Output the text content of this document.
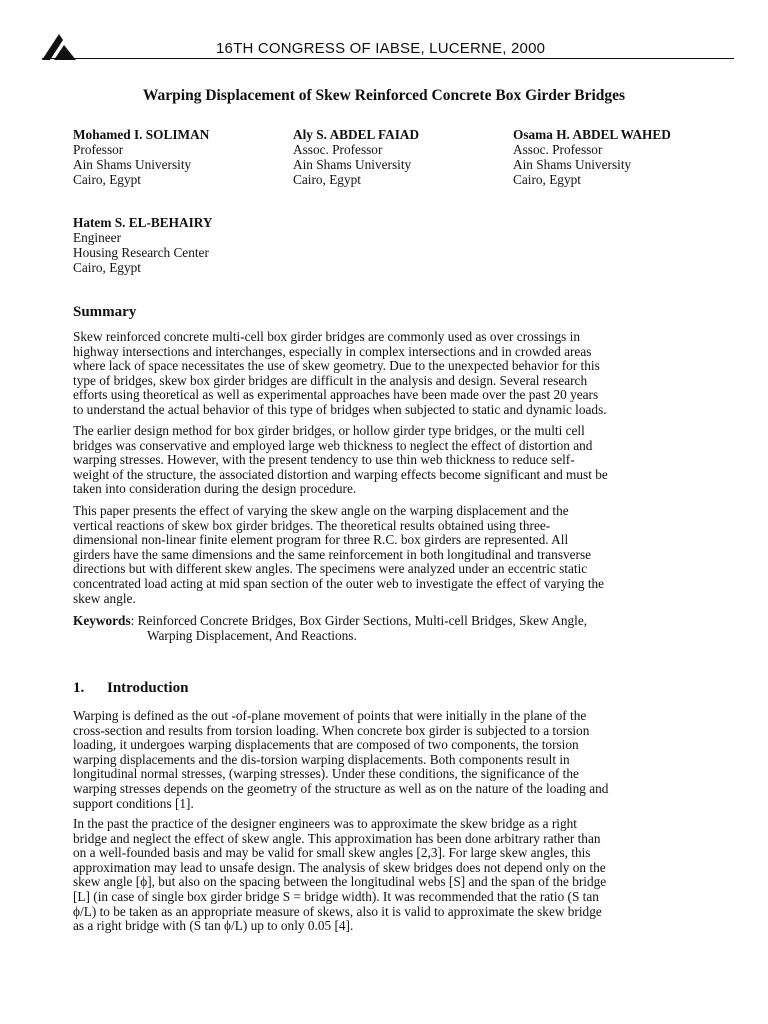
16TH CONGRESS OF IABSE, LUCERNE, 2000
Warping Displacement of Skew Reinforced Concrete Box Girder Bridges
Mohamed I. SOLIMAN
Professor
Ain Shams University
Cairo, Egypt
Aly S. ABDEL FAIAD
Assoc. Professor
Ain Shams University
Cairo, Egypt
Osama H. ABDEL WAHED
Assoc. Professor
Ain Shams University
Cairo, Egypt
Hatem S. EL-BEHAIRY
Engineer
Housing Research Center
Cairo, Egypt
Summary
Skew reinforced concrete multi-cell box girder bridges are commonly used as over crossings in
highway intersections and interchanges, especially in complex intersections and in crowded areas
where lack of space necessitates the use of skew geometry. Due to the unexpected behavior for this
type of bridges, skew box girder bridges are difficult in the analysis and design. Several research
efforts using theoretical as well as experimental approaches have been made over the past 20 years
to understand the actual behavior of this type of bridges when subjected to static and dynamic loads.
The earlier design method for box girder bridges, or hollow girder type bridges, or the multi cell
bridges was conservative and employed large web thickness to neglect the effect of distortion and
warping stresses. However, with the present tendency to use thin web thickness to reduce self-
weight of the structure, the associated distortion and warping effects become significant and must be
taken into consideration during the design procedure.
This paper presents the effect of varying the skew angle on the warping displacement and the
vertical reactions of skew box girder bridges. The theoretical results obtained using three-
dimensional non-linear finite element program for three R.C. box girders are represented. All
girders have the same dimensions and the same reinforcement in both longitudinal and transverse
directions but with different skew angles. The specimens were analyzed under an eccentric static
concentrated load acting at mid span section of the outer web to investigate the effect of varying the
skew angle.
Keywords: Reinforced Concrete Bridges, Box Girder Sections, Multi-cell Bridges, Skew Angle,
Warping Displacement, And Reactions.
1. Introduction
Warping is defined as the out -of-plane movement of points that were initially in the plane of the
cross-section and results from torsion loading. When concrete box girder is subjected to a torsion
loading, it undergoes warping displacements that are composed of two components, the torsion
warping displacements and the dis-torsion warping displacements. Both components result in
longitudinal normal stresses, (warping stresses). Under these conditions, the significance of the
warping stresses depends on the geometry of the structure as well as on the nature of the loading and
support conditions [1].
In the past the practice of the designer engineers was to approximate the skew bridge as a right
bridge and neglect the effect of skew angle. This approximation has been done arbitrary rather than
on a well-founded basis and may be valid for small skew angles [2,3]. For large skew angles, this
approximation may lead to unsafe design. The analysis of skew bridges does not depend only on the
skew angle [ϕ], but also on the spacing between the longitudinal webs [S] and the span of the bridge
[L] (in case of single box girder bridge S = bridge width). It was recommended that the ratio (S tan
ϕ/L) to be taken as an appropriate measure of skews, also it is valid to approximate the skew bridge
as a right bridge with (S tan ϕ/L) up to only 0.05 [4].
